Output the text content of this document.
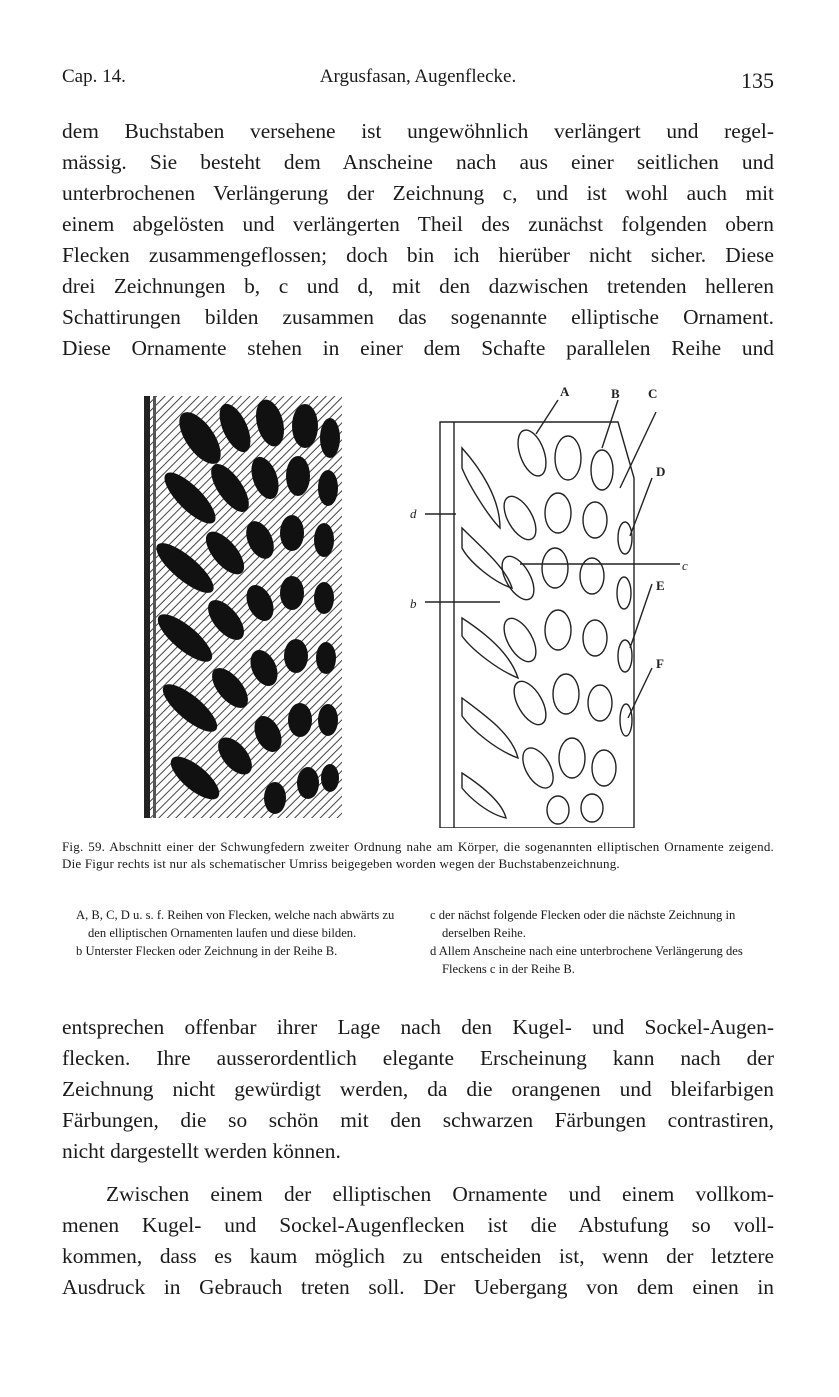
Cap. 14.	Argusfasan, Augenflecke.	135
dem Buchstaben versehene ist ungewöhnlich verlängert und regel-
mässig. Sie besteht dem Anscheine nach aus einer seitlichen und
unterbrochenen Verlängerung der Zeichnung c, und ist wohl auch mit
einem abgelösten und verlängerten Theil des zunächst folgenden obern
Flecken zusammengeflossen; doch bin ich hierüber nicht sicher. Diese
drei Zeichnungen b, c und d, mit den dazwischen tretenden helleren
Schattirungen bilden zusammen das sogenannte elliptische Ornament.
Diese Ornamente stehen in einer dem Schafte parallelen Reihe und
A	B C
D
c
E
F
d
b
Fig. 59. Abschnitt einer der Schwungfedern zweiter Ordnung nahe am Körper, die sogenannten elliptischen Ornamente zeigend. Die Figur rechts ist nur als schematischer Umriss beigegeben worden wegen der Buchstabenzeichnung.
A, B, C, D u. s. f. Reihen von Flecken, welche nach abwärts zu den elliptischen Ornamenten laufen und diese bilden.
b Unterster Flecken oder Zeichnung in der Reihe B.
c der nächst folgende Flecken oder die nächste Zeichnung in derselben Reihe.
d Allem Anscheine nach eine unterbrochene Verlängerung des Fleckens c in der Reihe B.
entsprechen offenbar ihrer Lage nach den Kugel- und Sockel-Augen-
flecken. Ihre ausserordentlich elegante Erscheinung kann nach der
Zeichnung nicht gewürdigt werden, da die orangenen und bleifarbigen
Färbungen, die so schön mit den schwarzen Färbungen contrastiren,
nicht dargestellt werden können.
Zwischen einem der elliptischen Ornamente und einem vollkom-
menen Kugel- und Sockel-Augenflecken ist die Abstufung so voll-
kommen, dass es kaum möglich zu entscheiden ist, wenn der letztere
Ausdruck in Gebrauch treten soll. Der Uebergang von dem einen in
